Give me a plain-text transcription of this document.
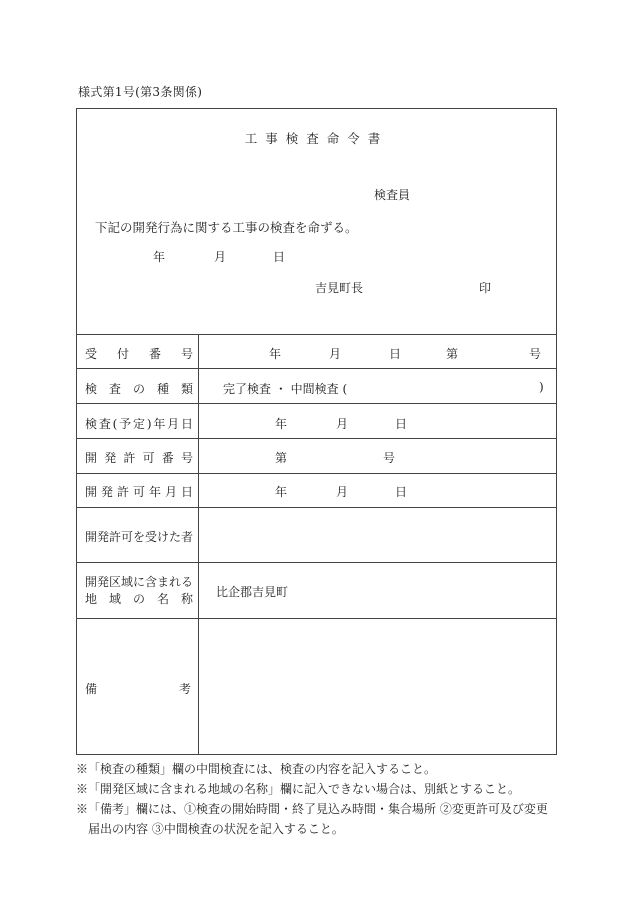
様式第1号(第3条関係)
工事検査命令書
検査員
下記の開発行為に関する工事の検査を命ずる。
年	月	日
吉見町長	印
受付番号	年	月	日	第	号
検査の種類	完了検査 ・ 中間検査 (	)
検査(予定)年月日	年	月	日
開発許可番号	第	号
開発許可年月日	年	月	日
開発許可を受けた者
開発区域に含まれる
地域の名称 比企郡吉見町
備	考
※「検査の種類」欄の中間検査には、検査の内容を記入すること。
※「開発区域に含まれる地域の名称」欄に記入できない場合は、別紙とすること。
※「備考」欄には、①検査の開始時間・終了見込み時間・集合場所 ②変更許可及び変更
　届出の内容 ③中間検査の状況を記入すること。
